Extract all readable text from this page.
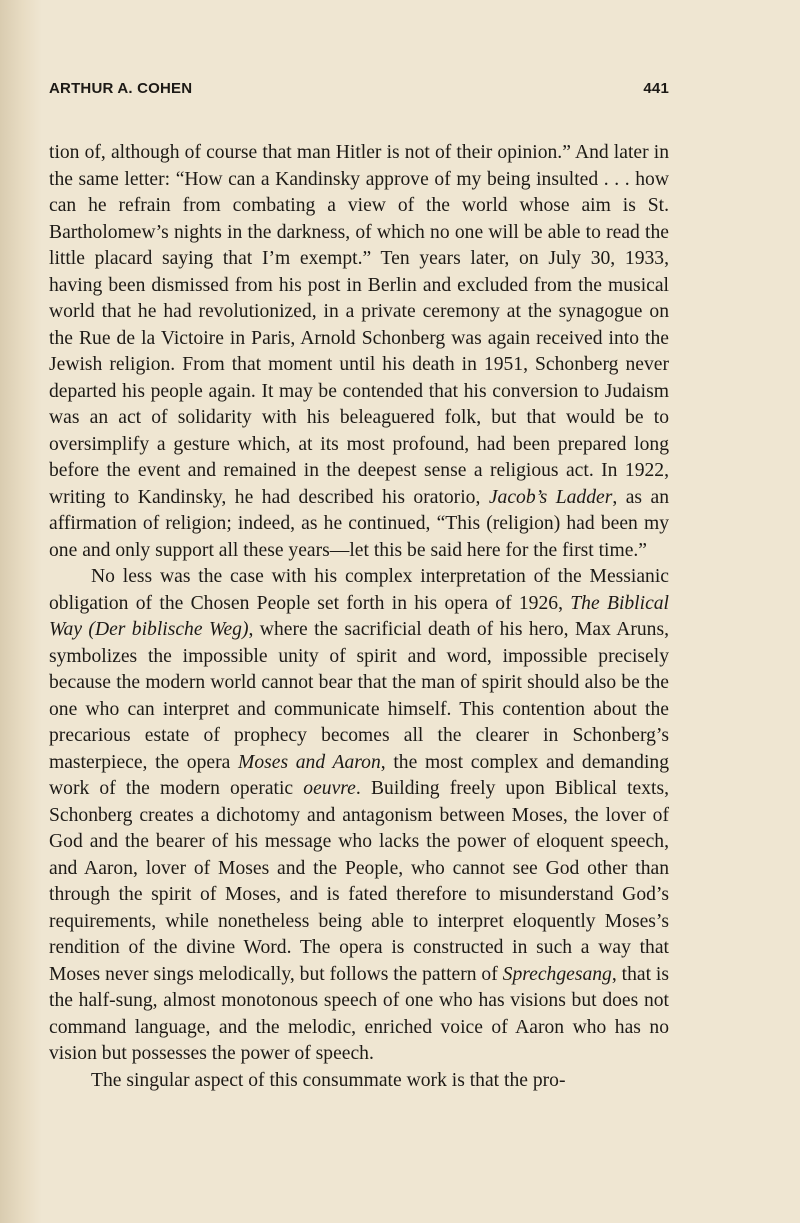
ARTHUR A. COHEN	441

tion of, although of course that man Hitler is not of their opinion.” And later in the same letter: “How can a Kandinsky approve of my being insulted . . . how can he refrain from combating a view of the world whose aim is St. Bartholomew’s nights in the darkness, of which no one will be able to read the little placard saying that I’m exempt.” Ten years later, on July 30, 1933, having been dismissed from his post in Berlin and excluded from the musical world that he had revolutionized, in a private ceremony at the synagogue on the Rue de la Victoire in Paris, Arnold Schonberg was again received into the Jewish religion. From that moment until his death in 1951, Schonberg never departed his people again. It may be contended that his conversion to Judaism was an act of solidarity with his beleaguered folk, but that would be to oversimplify a gesture which, at its most profound, had been prepared long before the event and remained in the deepest sense a religious act. In 1922, writing to Kandinsky, he had described his oratorio, Jacob’s Ladder, as an affirmation of religion; indeed, as he continued, “This (religion) had been my one and only support all these years—let this be said here for the first time.”

No less was the case with his complex interpretation of the Messianic obligation of the Chosen People set forth in his opera of 1926, The Biblical Way (Der biblische Weg), where the sacrificial death of his hero, Max Aruns, symbolizes the impossible unity of spirit and word, impossible precisely because the modern world cannot bear that the man of spirit should also be the one who can interpret and communicate himself. This contention about the precarious estate of prophecy becomes all the clearer in Schonberg’s masterpiece, the opera Moses and Aaron, the most complex and demanding work of the modern operatic oeuvre. Building freely upon Biblical texts, Schonberg creates a dichotomy and antagonism between Moses, the lover of God and the bearer of his message who lacks the power of eloquent speech, and Aaron, lover of Moses and the People, who cannot see God other than through the spirit of Moses, and is fated therefore to misunderstand God’s requirements, while nonetheless being able to interpret eloquently Moses’s rendition of the divine Word. The opera is constructed in such a way that Moses never sings melodically, but follows the pattern of Sprechgesang, that is the half-sung, almost monotonous speech of one who has visions but does not command language, and the melodic, enriched voice of Aaron who has no vision but possesses the power of speech.

The singular aspect of this consummate work is that the pro-
